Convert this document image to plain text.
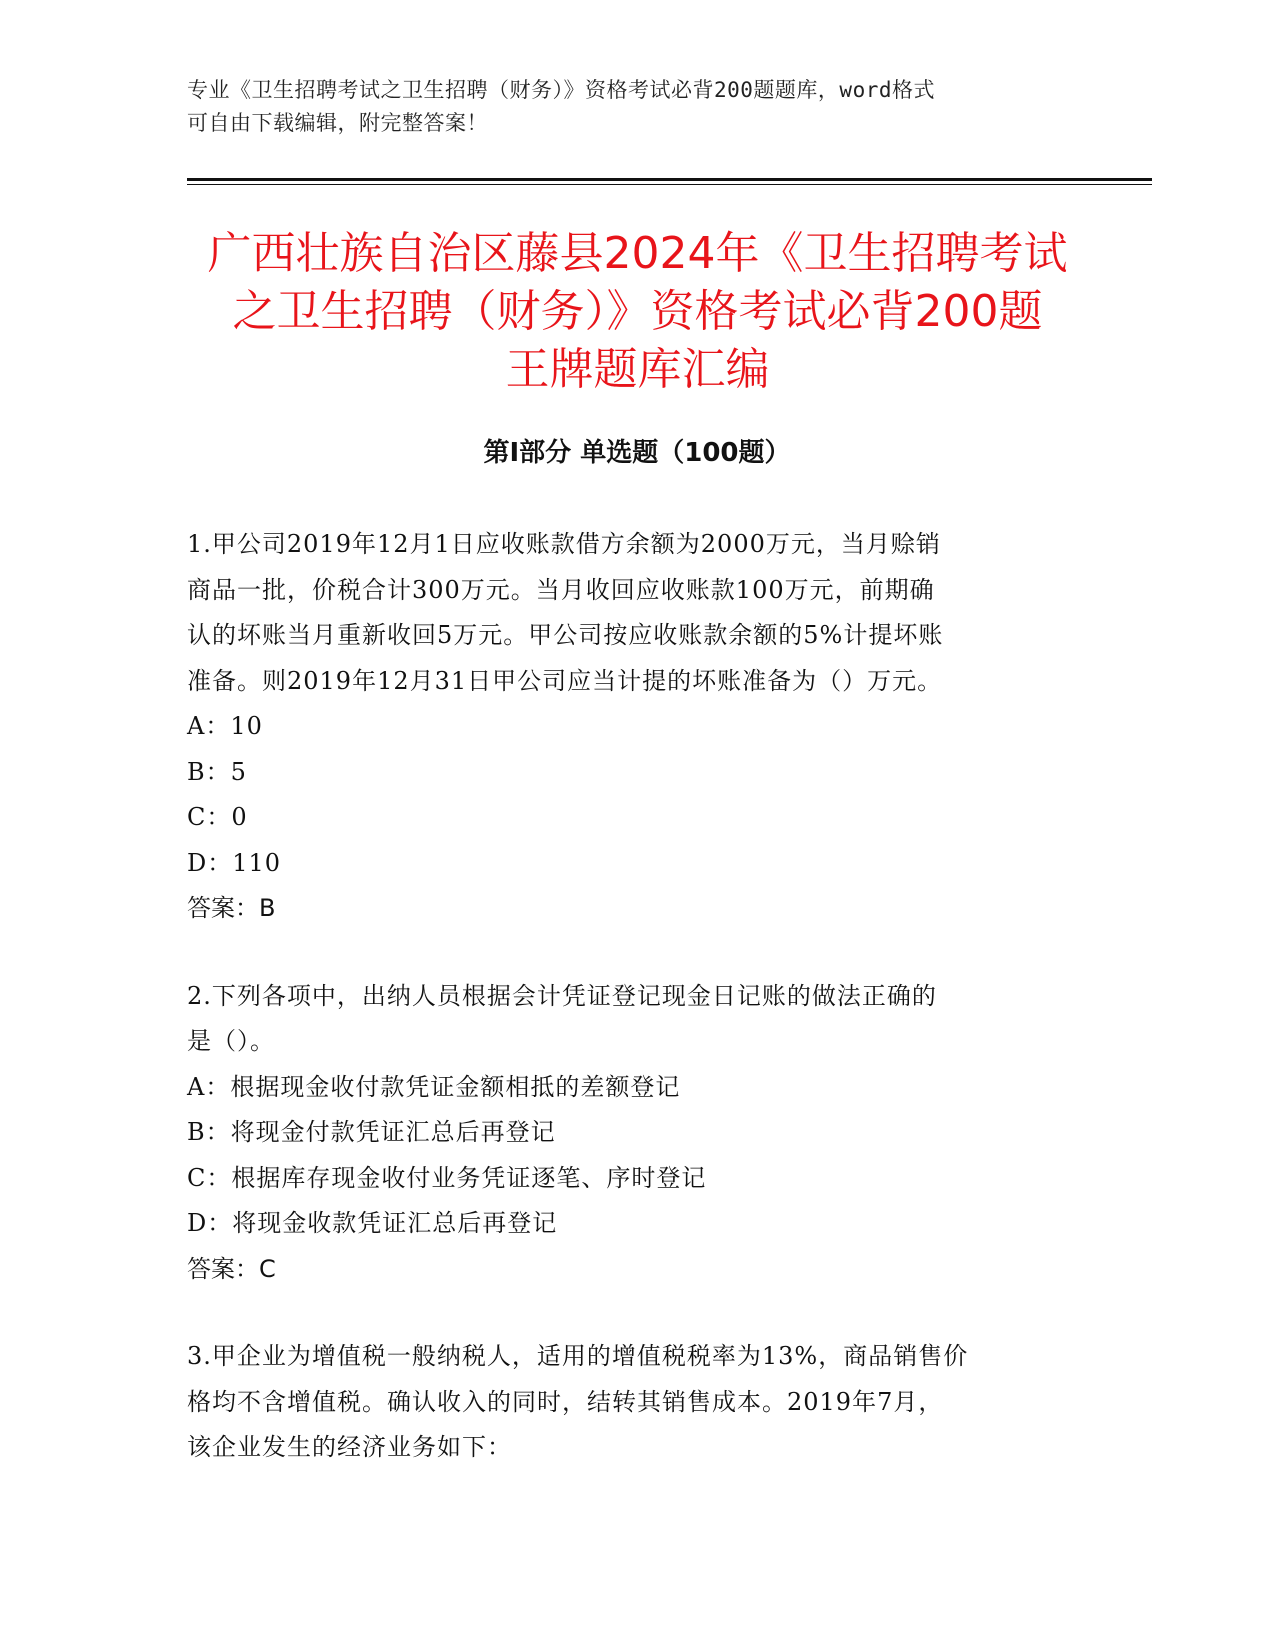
专业《卫生招聘考试之卫生招聘（财务）》资格考试必背200题题库，word格式
可自由下载编辑，附完整答案！
广西壮族自治区藤县2024年《卫生招聘考试
之卫生招聘（财务）》资格考试必背200题
王牌题库汇编
第Ⅰ部分 单选题（100题）

1.甲公司2019年12月1日应收账款借方余额为2000万元，当月赊销

商品一批，价税合计300万元。当月收回应收账款100万元，前期确

认的坏账当月重新收回5万元。甲公司按应收账款余额的5%计提坏账

准备。则2019年12月31日甲公司应当计提的坏账准备为（）万元。

A：10

B：5

C：0

D：110

答案：B

2.下列各项中，出纳人员根据会计凭证登记现金日记账的做法正确的

是（）。

A：根据现金收付款凭证金额相抵的差额登记

B：将现金付款凭证汇总后再登记

C：根据库存现金收付业务凭证逐笔、序时登记

D：将现金收款凭证汇总后再登记

答案：C

3.甲企业为增值税一般纳税人，适用的增值税税率为13%，商品销售价

格均不含增值税。确认收入的同时，结转其销售成本。2019年7月，

该企业发生的经济业务如下：
